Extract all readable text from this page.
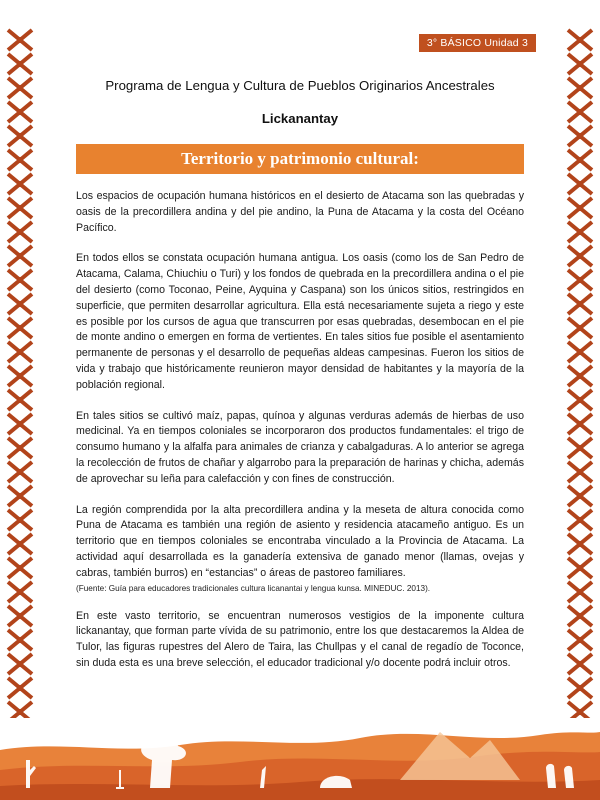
3° BÁSICO Unidad 3
Programa de Lengua y Cultura de Pueblos Originarios Ancestrales
Lickanantay
Territorio y patrimonio cultural:

Los espacios de ocupación humana históricos en el desierto de Atacama son las quebradas y oasis de la precordillera andina y del pie andino, la Puna de Atacama y la costa del Océano Pacífico.

En todos ellos se constata ocupación humana antigua. Los oasis (como los de San Pedro de Atacama, Calama, Chiuchiu o Turi) y los fondos de quebrada en la precordillera andina o el pie del desierto (como Toconao, Peine, Ayquina y Caspana) son los únicos sitios, restringidos en superficie, que permiten desarrollar agricultura. Ella está necesariamente sujeta a riego y este es posible por los cursos de agua que transcurren por esas quebradas, desembocan en el pie de monte andino o emergen en forma de vertientes. En tales sitios fue posible el asentamiento permanente de personas y el desarrollo de pequeñas aldeas campesinas. Fueron los sitios de vida y trabajo que históricamente reunieron mayor densidad de habitantes y la mayoría de la población regional.

En tales sitios se cultivó maíz, papas, quínoa y algunas verduras además de hierbas de uso medicinal. Ya en tiempos coloniales se incorporaron dos productos fundamentales: el trigo de consumo humano y la alfalfa para animales de crianza y cabalgaduras. A lo anterior se agrega la recolección de frutos de chañar y algarrobo para la preparación de harinas y chicha, además de aprovechar su leña para calefacción y con fines de construcción.

La región comprendida por la alta precordillera andina y la meseta de altura conocida como Puna de Atacama es también una región de asiento y residencia atacameño antiguo. Es un territorio que en tiempos coloniales se encontraba vinculado a la Provincia de Atacama. La actividad aquí desarrollada es la ganadería extensiva de ganado menor (llamas, ovejas y cabras, también burros) en “estancias” o áreas de pastoreo familiares.

(Fuente: Guía para educadores tradicionales cultura licanantai y lengua kunsa. MINEDUC. 2013).

En este vasto territorio, se encuentran numerosos vestigios de la imponente cultura lickanantay, que forman parte vívida de su patrimonio, entre los que destacaremos la Aldea de Tulor, las figuras rupestres del Alero de Taira, las Chullpas y el canal de regadío de Toconce, sin duda esta es una breve selección, el educador tradicional y/o docente podrá incluir otros.
